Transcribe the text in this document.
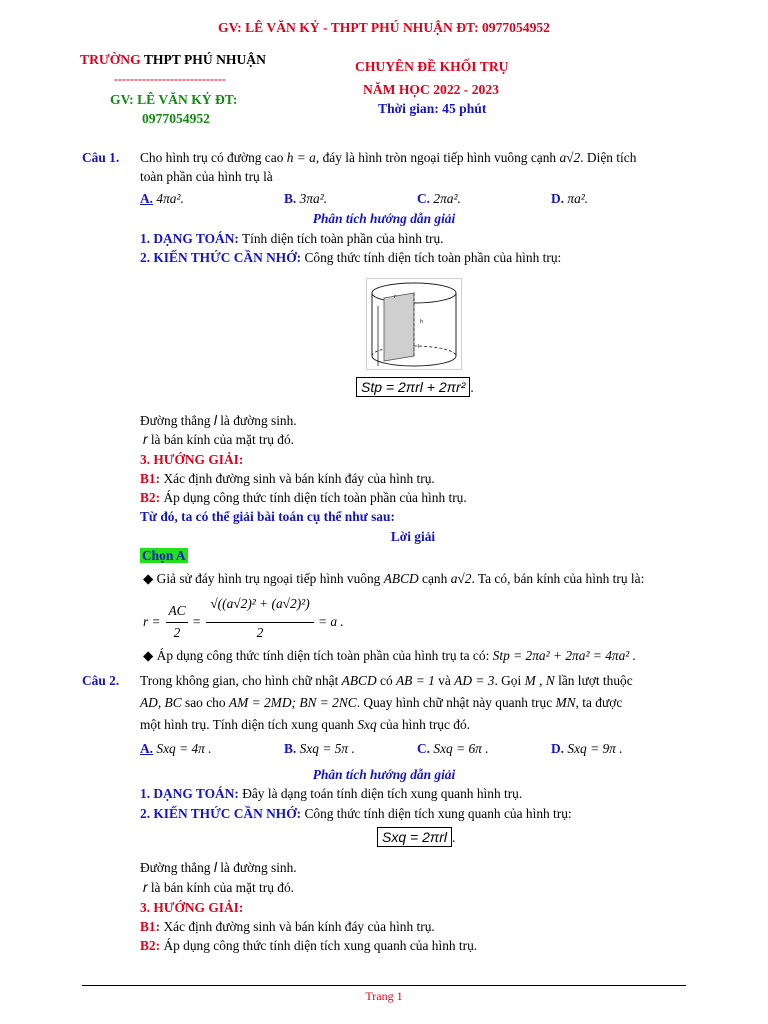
GV: LÊ VĂN KỶ - THPT PHÚ NHUẬN ĐT: 0977054952
TRƯỜNG THPT PHÚ NHUẬN
----------------------------
GV: LÊ VĂN KỶ ĐT:
0977054952
CHUYÊN ĐỀ KHỐI TRỤ
NĂM HỌC 2022 - 2023
Thời gian: 45 phút
Câu 1. Cho hình trụ có đường cao h = a, đáy là hình tròn ngoại tiếp hình vuông cạnh a√2. Diện tích
toàn phần của hình trụ là
A. 4πa².	B. 3πa².	C. 2πa².	D. πa².
Phân tích hướng dẫn giải
1. DẠNG TOÁN: Tính diện tích toàn phần của hình trụ.
2. KIẾN THỨC CẦN NHỚ: Công thức tính diện tích toàn phần của hình trụ:
r
h
l
Stp = 2πrl + 2πr² .
Đường thẳng l là đường sinh.
r là bán kính của mặt trụ đó.
3. HƯỚNG GIẢI:
B1: Xác định đường sinh và bán kính đáy của hình trụ.
B2: Áp dụng công thức tính diện tích toàn phần của hình trụ.
Từ đó, ta có thể giải bài toán cụ thể như sau:
Lời giải
Chọn A
◆ Giả sử đáy hình trụ ngoại tiếp hình vuông ABCD cạnh a√2. Ta có, bán kính của hình trụ là:
r =
AC
2
=
√((a√2)² + (a√2)²)
2
= a .
◆ Áp dụng công thức tính diện tích toàn phần của hình trụ ta có: Stp = 2πa² + 2πa² = 4πa² .
Câu 2. Trong không gian, cho hình chữ nhật ABCD có AB = 1 và AD = 3. Gọi M , N lần lượt thuộc
AD, BC sao cho AM = 2MD; BN = 2NC. Quay hình chữ nhật này quanh trục MN, ta được
một hình trụ. Tính diện tích xung quanh Sxq của hình trục đó.
A. Sxq = 4π .	B. Sxq = 5π .	C. Sxq = 6π .	D. Sxq = 9π .
Phân tích hướng dẫn giải
1. DẠNG TOÁN: Đây là dạng toán tính diện tích xung quanh hình trụ.
2. KIẾN THỨC CẦN NHỚ: Công thức tính diện tích xung quanh của hình trụ:
Sxq = 2πrl .
Đường thẳng l là đường sinh.
r là bán kính của mặt trụ đó.
3. HƯỚNG GIẢI:
B1: Xác định đường sinh và bán kính đáy của hình trụ.
B2: Áp dụng công thức tính diện tích xung quanh của hình trụ.
Trang 1
